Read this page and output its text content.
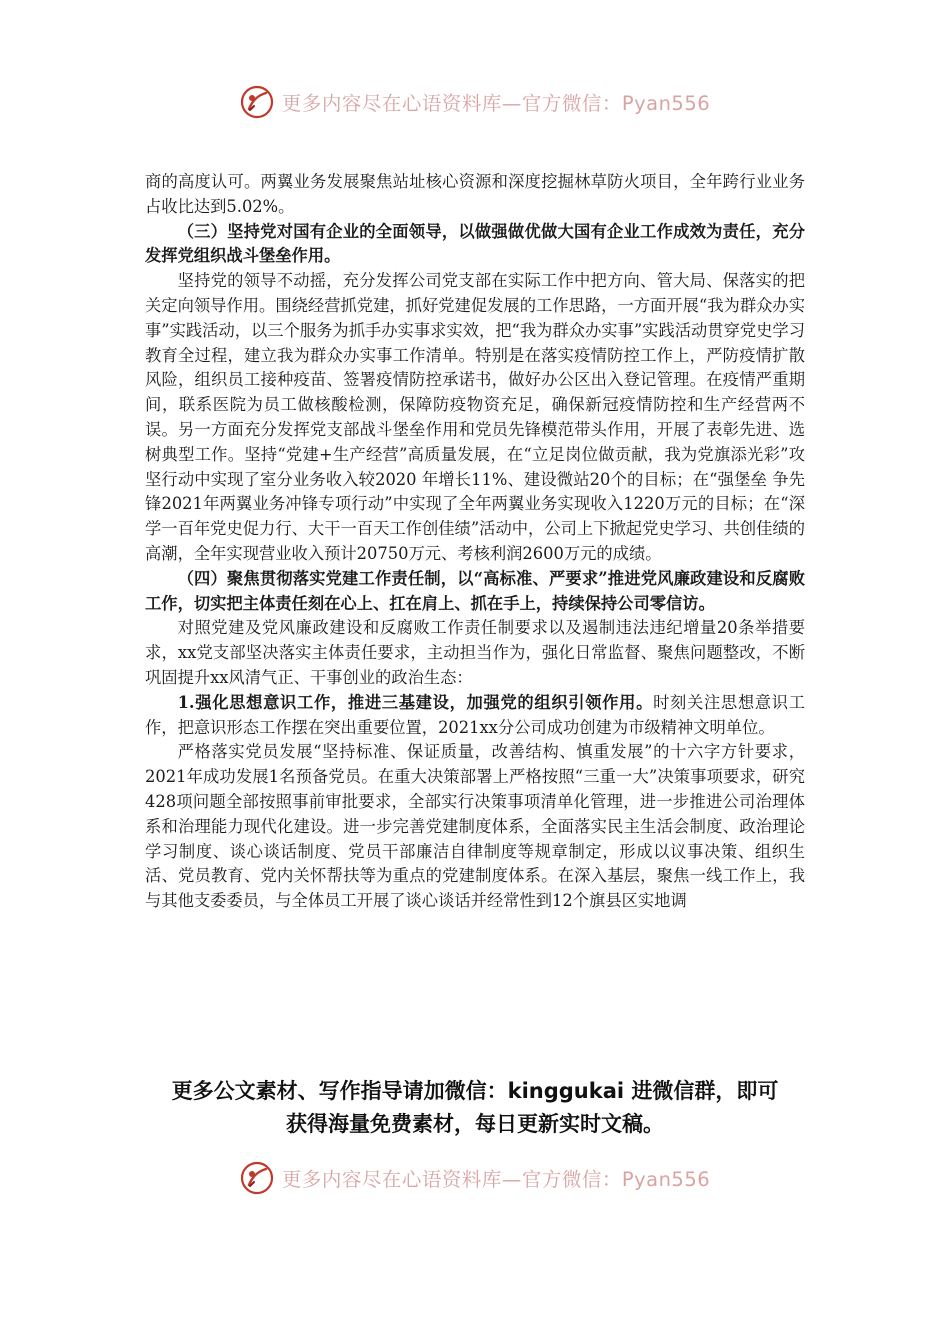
更多内容尽在心语资料库—官方微信：Pyan556

商的高度认可。两翼业务发展聚焦站址核心资源和深度挖掘林草防火项目，全年跨行业业务占收比达到5.02%。

（三）坚持党对国有企业的全面领导，以做强做优做大国有企业工作成效为责任，充分发挥党组织战斗堡垒作用。

坚持党的领导不动摇，充分发挥公司党支部在实际工作中把方向、管大局、保落实的把关定向领导作用。围绕经营抓党建，抓好党建促发展的工作思路，一方面开展“我为群众办实事”实践活动，以三个服务为抓手办实事求实效，把“我为群众办实事”实践活动贯穿党史学习教育全过程，建立我为群众办实事工作清单。特别是在落实疫情防控工作上，严防疫情扩散风险，组织员工接种疫苗、签署疫情防控承诺书，做好办公区出入登记管理。在疫情严重期间，联系医院为员工做核酸检测，保障防疫物资充足，确保新冠疫情防控和生产经营两不误。另一方面充分发挥党支部战斗堡垒作用和党员先锋模范带头作用，开展了表彰先进、选树典型工作。坚持“党建+生产经营”高质量发展，在“立足岗位做贡献，我为党旗添光彩”攻坚行动中实现了室分业务收入较2020 年增长11%、建设微站20个的目标；在“强堡垒 争先锋2021年两翼业务冲锋专项行动”中实现了全年两翼业务实现收入1220万元的目标；在“深学一百年党史促力行、大干一百天工作创佳绩”活动中，公司上下掀起党史学习、共创佳绩的高潮，全年实现营业收入预计20750万元、考核利润2600万元的成绩。

（四）聚焦贯彻落实党建工作责任制，以“高标准、严要求”推进党风廉政建设和反腐败工作，切实把主体责任刻在心上、扛在肩上、抓在手上，持续保持公司零信访。

对照党建及党风廉政建设和反腐败工作责任制要求以及遏制违法违纪增量20条举措要求，xx党支部坚决落实主体责任要求，主动担当作为，强化日常监督、聚焦问题整改，不断巩固提升xx风清气正、干事创业的政治生态：

1.强化思想意识工作，推进三基建设，加强党的组织引领作用。时刻关注思想意识工作，把意识形态工作摆在突出重要位置，2021xx分公司成功创建为市级精神文明单位。

严格落实党员发展“坚持标准、保证质量，改善结构、慎重发展”的十六字方针要求， 2021年成功发展1名预备党员。在重大决策部署上严格按照“三重一大”决策事项要求，研究428项问题全部按照事前审批要求，全部实行决策事项清单化管理，进一步推进公司治理体系和治理能力现代化建设。进一步完善党建制度体系，全面落实民主生活会制度、政治理论学习制度、谈心谈话制度、党员干部廉洁自律制度等规章制定，形成以议事决策、组织生活、党员教育、党内关怀帮扶等为重点的党建制度体系。在深入基层，聚焦一线工作上，我与其他支委委员，与全体员工开展了谈心谈话并经常性到12个旗县区实地调

更多公文素材、写作指导请加微信：kinggukai 进微信群，即可
获得海量免费素材，每日更新实时文稿。
更多内容尽在心语资料库—官方微信：Pyan556
